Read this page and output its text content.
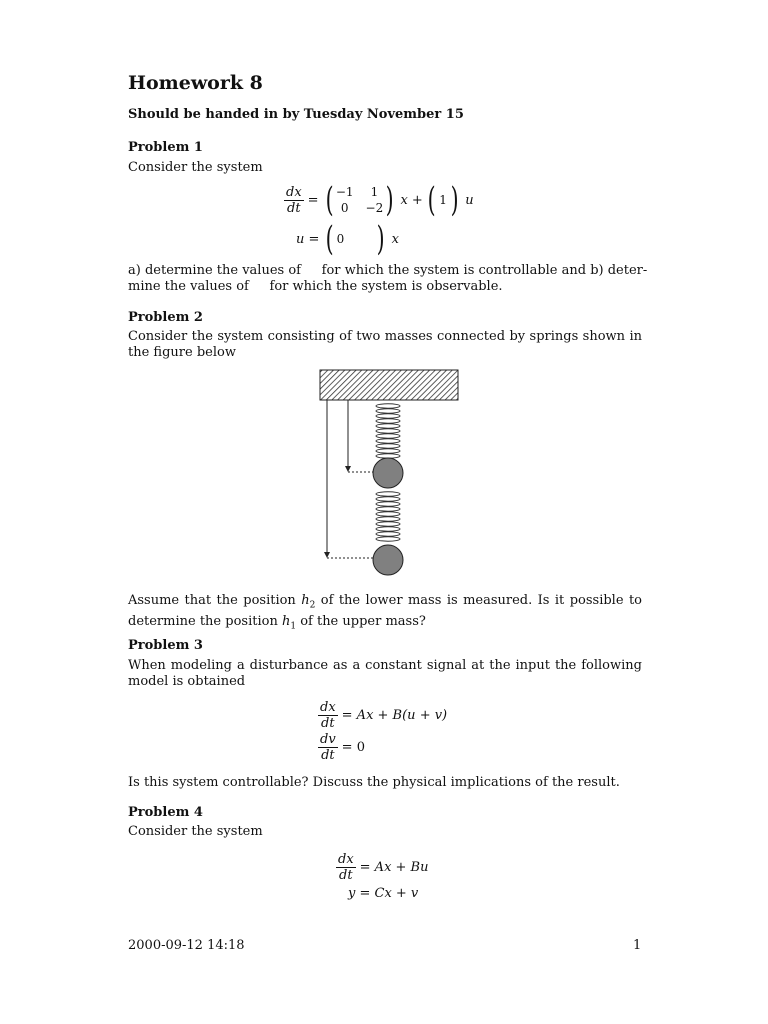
Homework 8
Should be handed in by Tuesday November 15
Problem 1
Consider the system
$\frac{dx}{dt}$ = ( −1	1
0	−2 ) x + ( 1 ) u
u = ( 0 ) x
a) determine the values of     for which the system is controllable and b) deter-
mine the values of     for which the system is observable.
Problem 2
Consider the system consisting of two masses connected by springs shown in the figure below
Assume that the position $h_2$ of the lower mass is measured. Is it possible to determine the position $h_1$ of the upper mass?
Problem 3
When modeling a disturbance as a constant signal at the input the following model is obtained
$\frac{dx}{dt} = Ax + B(u + v)$
$\frac{dv}{dt} = 0$
Is this system controllable? Discuss the physical implications of the result.
Problem 4
Consider the system
$\frac{dx}{dt} = Ax + Bu$
y = Cx + v
2000-09-12 14:18	1
